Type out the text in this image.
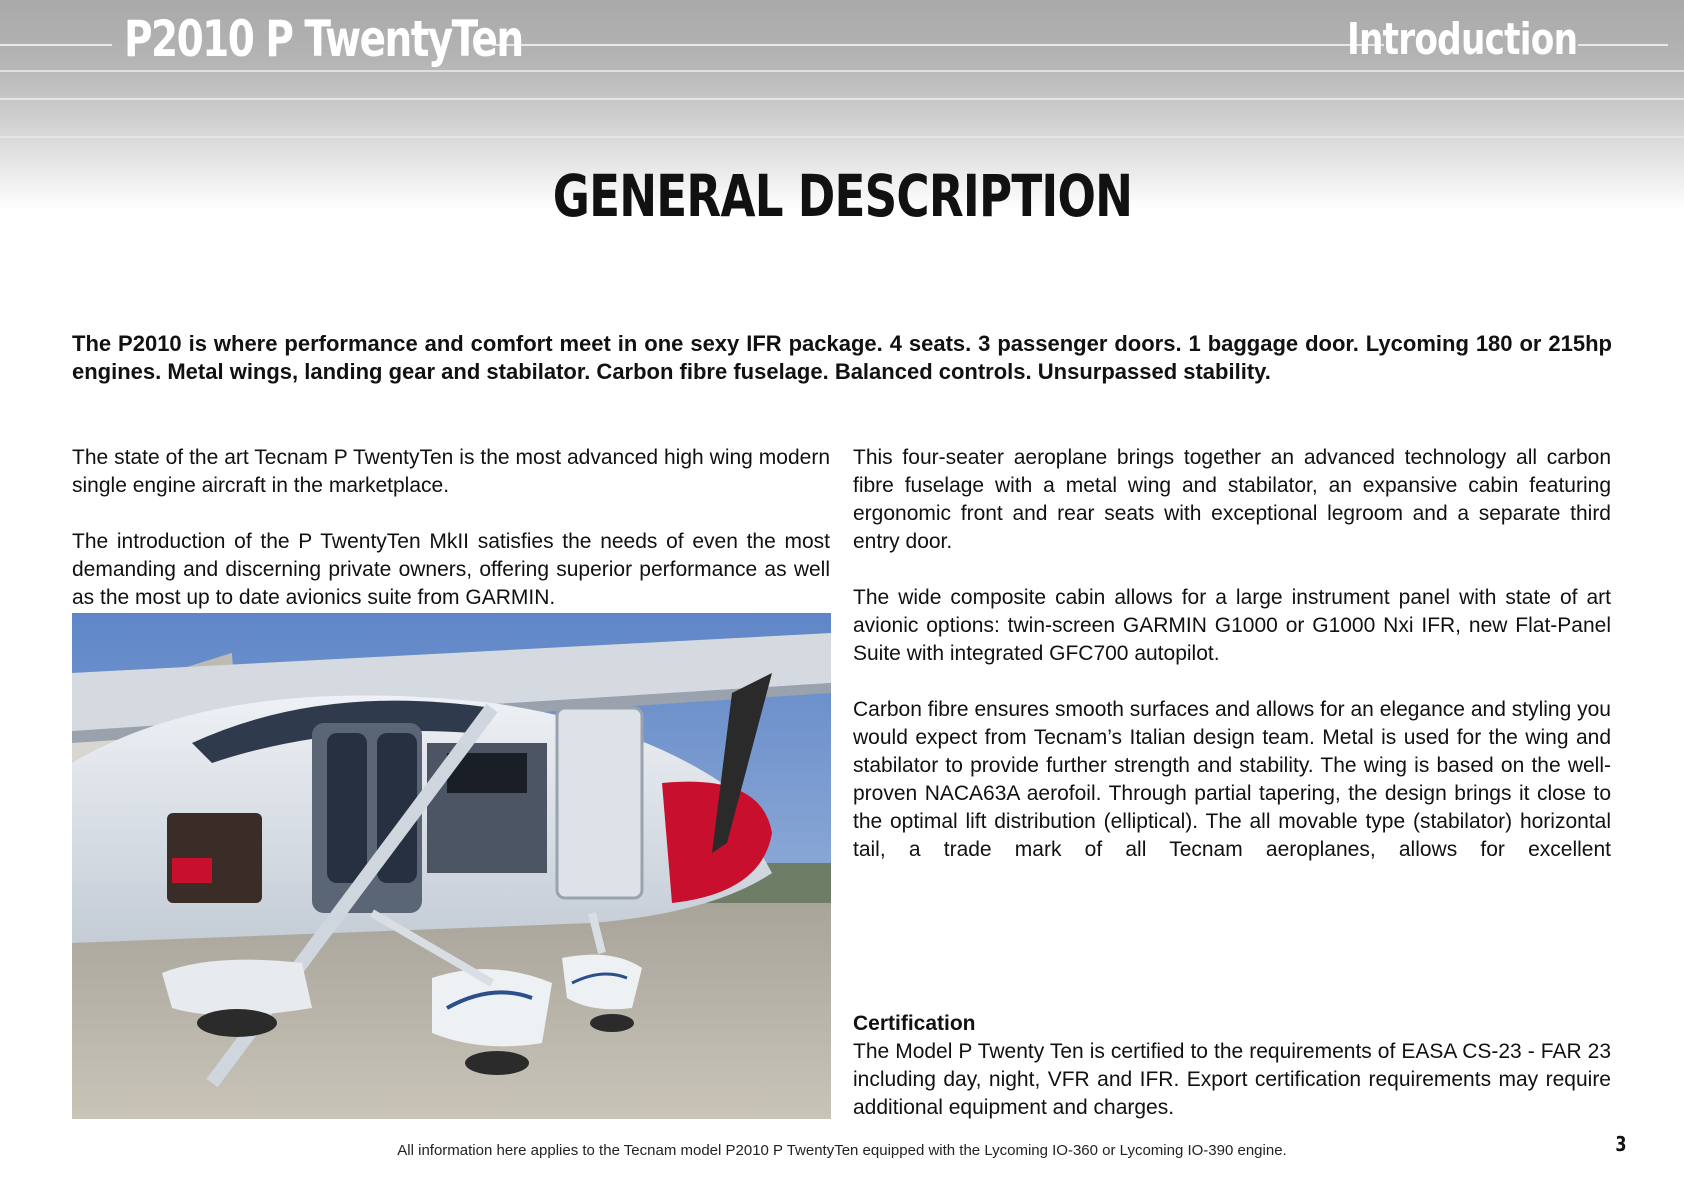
P2010 P TwentyTen	Introduction
GENERAL DESCRIPTION
The P2010 is where performance and comfort meet in one sexy IFR package. 4 seats. 3 passenger doors. 1 baggage door. Lycoming 180 or 215hp engines. Metal wings, landing gear and stabilator. Carbon fibre fuselage. Balanced controls. Unsurpassed stability.

The state of the art Tecnam P TwentyTen is the most advanced high wing modern single engine aircraft in the marketplace.

The introduction of the P TwentyTen MkII satisfies the needs of even the most demanding and discerning private owners, offering superior performance as well as the most up to date avionics suite from GARMIN.

This four-seater aeroplane brings together an advanced technology all carbon fibre fuselage with a metal wing and stabilator, an expansive cabin featuring ergonomic front and rear seats with exceptional legroom and a separate third entry door.

The wide composite cabin allows for a large instrument panel with state of art avionic options: twin-screen GARMIN G1000 or G1000 Nxi IFR, new Flat-Panel Suite with integrated GFC700 autopilot.

Carbon fibre ensures smooth surfaces and allows for an elegance and styling you would expect from Tecnam’s Italian design team. Metal is used for the wing and stabilator to provide further strength and stability. The wing is based on the well-proven NACA63A aerofoil. Through partial tapering, the design brings it close to the optimal lift distribution (elliptical). The all movable type (stabilator) horizontal tail, a trade mark of all Tecnam aeroplanes, allows for excellent

Certification

The Model P Twenty Ten is certified to the requirements of EASA CS-23 - FAR 23 including day, night, VFR and IFR. Export certification requirements may require additional equipment and charges.

All information here applies to the Tecnam model P2010 P TwentyTen equipped with the Lycoming IO-360 or Lycoming IO-390 engine.	3
